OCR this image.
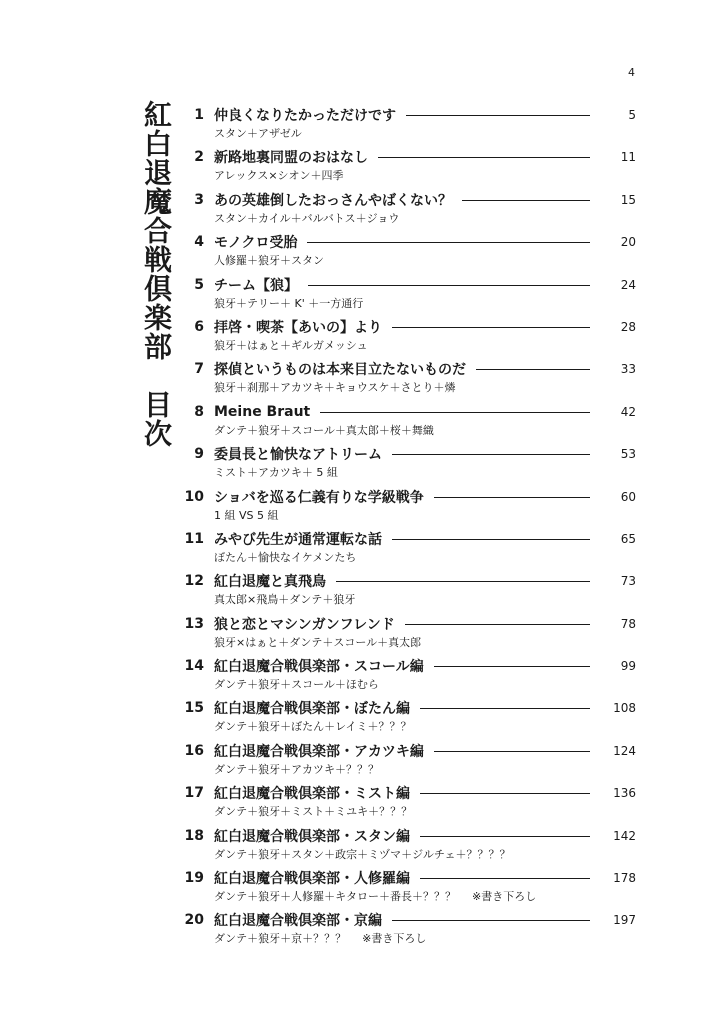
4
紅白退魔合戦倶楽部　目次	1 仲良くなりたかっただけです	5
スタン＋アザゼル
2 新路地裏同盟のおはなし	11
アレックス×シオン＋四季
3 あの英雄倒したおっさんやばくない？	15
スタン＋カイル＋バルバトス＋ジョウ
4 モノクロ受胎	20
人修羅＋狼牙＋スタン
5 チーム【狼】	24
狼牙＋テリー＋ K' ＋一方通行
6 拝啓・喫茶【あいの】より	28
狼牙＋はぁと＋ギルガメッシュ
7 探偵というものは本来目立たないものだ	33
狼牙＋刹那＋アカツキ＋キョウスケ＋さとり＋燐
8 Meine Braut	42
ダンテ＋狼牙＋スコール＋真太郎＋桜＋舞織
9 委員長と愉快なアトリーム	53
ミスト＋アカツキ＋ 5 組
10 ショバを巡る仁義有りな学級戦争	60
1 組 VS 5 組
11 みやび先生が通常運転な話	65
ぼたん＋愉快なイケメンたち
12 紅白退魔と真飛鳥	73
真太郎×飛鳥＋ダンテ＋狼牙
13 狼と恋とマシンガンフレンド	78
狼牙×はぁと＋ダンテ＋スコール＋真太郎
14 紅白退魔合戦倶楽部・スコール編	99
ダンテ＋狼牙＋スコール＋ほむら
15 紅白退魔合戦倶楽部・ぼたん編	108
ダンテ＋狼牙＋ぼたん＋レイミ＋？？？
16 紅白退魔合戦倶楽部・アカツキ編	124
ダンテ＋狼牙＋アカツキ＋？？？
17 紅白退魔合戦倶楽部・ミスト編	136
ダンテ＋狼牙＋ミスト＋ミユキ＋？？？
18 紅白退魔合戦倶楽部・スタン編	142
ダンテ＋狼牙＋スタン＋政宗＋ミヅマ＋ジルチェ＋？？？？
19 紅白退魔合戦倶楽部・人修羅編	178
ダンテ＋狼牙＋人修羅＋キタロー＋番長＋？？？ ※書き下ろし
20 紅白退魔合戦倶楽部・京編	197
ダンテ＋狼牙＋京＋？？？ ※書き下ろし
